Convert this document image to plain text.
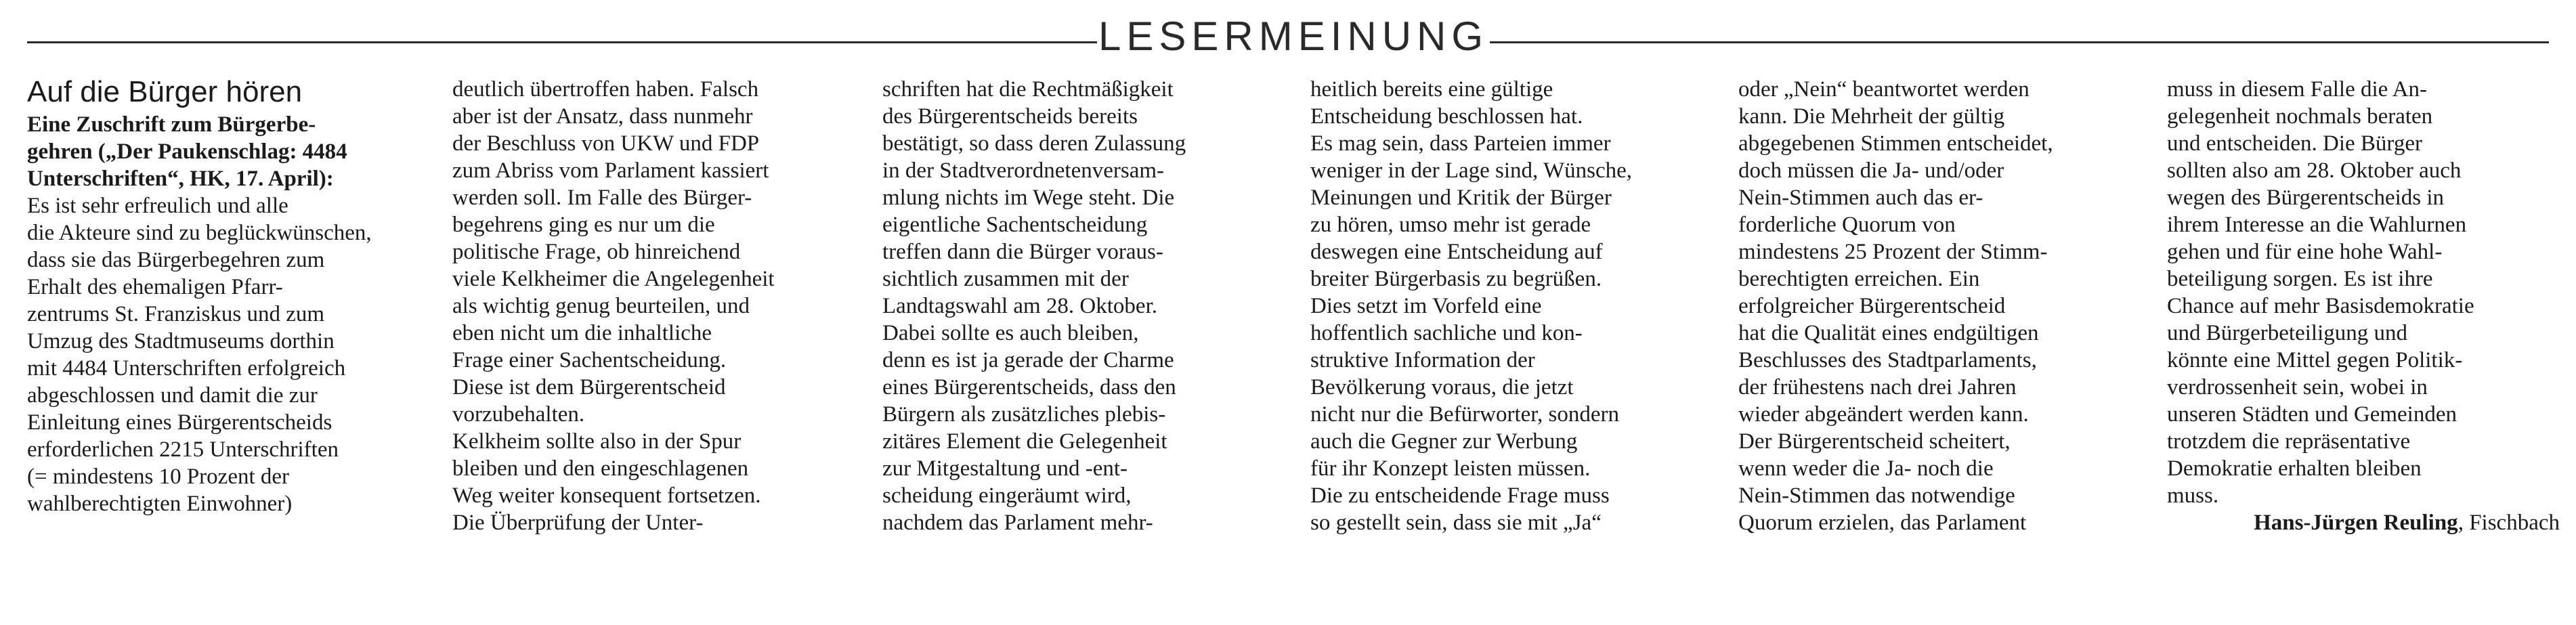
LESERMEINUNG
Auf die Bürger hören
Eine Zuschrift zum Bürgerbe-
gehren („Der Paukenschlag: 4484
Unterschriften“, HK, 17. April):
Es ist sehr erfreulich und alle
die Akteure sind zu beglückwünschen,
dass sie das Bürgerbegehren zum
Erhalt des ehemaligen Pfarr-
zentrums St. Franziskus und zum
Umzug des Stadtmuseums dorthin
mit 4484 Unterschriften erfolgreich
abgeschlossen und damit die zur
Einleitung eines Bürgerentscheids
erforderlichen 2215 Unterschriften
(= mindestens 10 Prozent der
wahlberechtigten Einwohner)
deutlich übertroffen haben. Falsch
aber ist der Ansatz, dass nunmehr
der Beschluss von UKW und FDP
zum Abriss vom Parlament kassiert
werden soll. Im Falle des Bürger-
begehrens ging es nur um die
politische Frage, ob hinreichend
viele Kelkheimer die Angelegenheit
als wichtig genug beurteilen, und
eben nicht um die inhaltliche
Frage einer Sachentscheidung.
Diese ist dem Bürgerentscheid
vorzubehalten.
Kelkheim sollte also in der Spur
bleiben und den eingeschlagenen
Weg weiter konsequent fortsetzen.
Die Überprüfung der Unter-
schriften hat die Rechtmäßigkeit
des Bürgerentscheids bereits
bestätigt, so dass deren Zulassung
in der Stadtverordnetenversam-
mlung nichts im Wege steht. Die
eigentliche Sachentscheidung
treffen dann die Bürger voraus-
sichtlich zusammen mit der
Landtagswahl am 28. Oktober.
Dabei sollte es auch bleiben,
denn es ist ja gerade der Charme
eines Bürgerentscheids, dass den
Bürgern als zusätzliches plebis-
zitäres Element die Gelegenheit
zur Mitgestaltung und -ent-
scheidung eingeräumt wird,
nachdem das Parlament mehr-
heitlich bereits eine gültige
Entscheidung beschlossen hat.
Es mag sein, dass Parteien immer
weniger in der Lage sind, Wünsche,
Meinungen und Kritik der Bürger
zu hören, umso mehr ist gerade
deswegen eine Entscheidung auf
breiter Bürgerbasis zu begrüßen.
Dies setzt im Vorfeld eine
hoffentlich sachliche und kon-
struktive Information der
Bevölkerung voraus, die jetzt
nicht nur die Befürworter, sondern
auch die Gegner zur Werbung
für ihr Konzept leisten müssen.
Die zu entscheidende Frage muss
so gestellt sein, dass sie mit „Ja“
oder „Nein“ beantwortet werden
kann. Die Mehrheit der gültig
abgegebenen Stimmen entscheidet,
doch müssen die Ja- und/oder
Nein-Stimmen auch das er-
forderliche Quorum von
mindestens 25 Prozent der Stimm-
berechtigten erreichen. Ein
erfolgreicher Bürgerentscheid
hat die Qualität eines endgültigen
Beschlusses des Stadtparlaments,
der frühestens nach drei Jahren
wieder abgeändert werden kann.
Der Bürgerentscheid scheitert,
wenn weder die Ja- noch die
Nein-Stimmen das notwendige
Quorum erzielen, das Parlament
muss in diesem Falle die An-
gelegenheit nochmals beraten
und entscheiden. Die Bürger
sollten also am 28. Oktober auch
wegen des Bürgerentscheids in
ihrem Interesse an die Wahlurnen
gehen und für eine hohe Wahl-
beteiligung sorgen. Es ist ihre
Chance auf mehr Basisdemokratie
und Bürgerbeteiligung und
könnte eine Mittel gegen Politik-
verdrossenheit sein, wobei in
unseren Städten und Gemeinden
trotzdem die repräsentative
Demokratie erhalten bleiben
muss.
Hans-Jürgen Reuling, Fischbach
